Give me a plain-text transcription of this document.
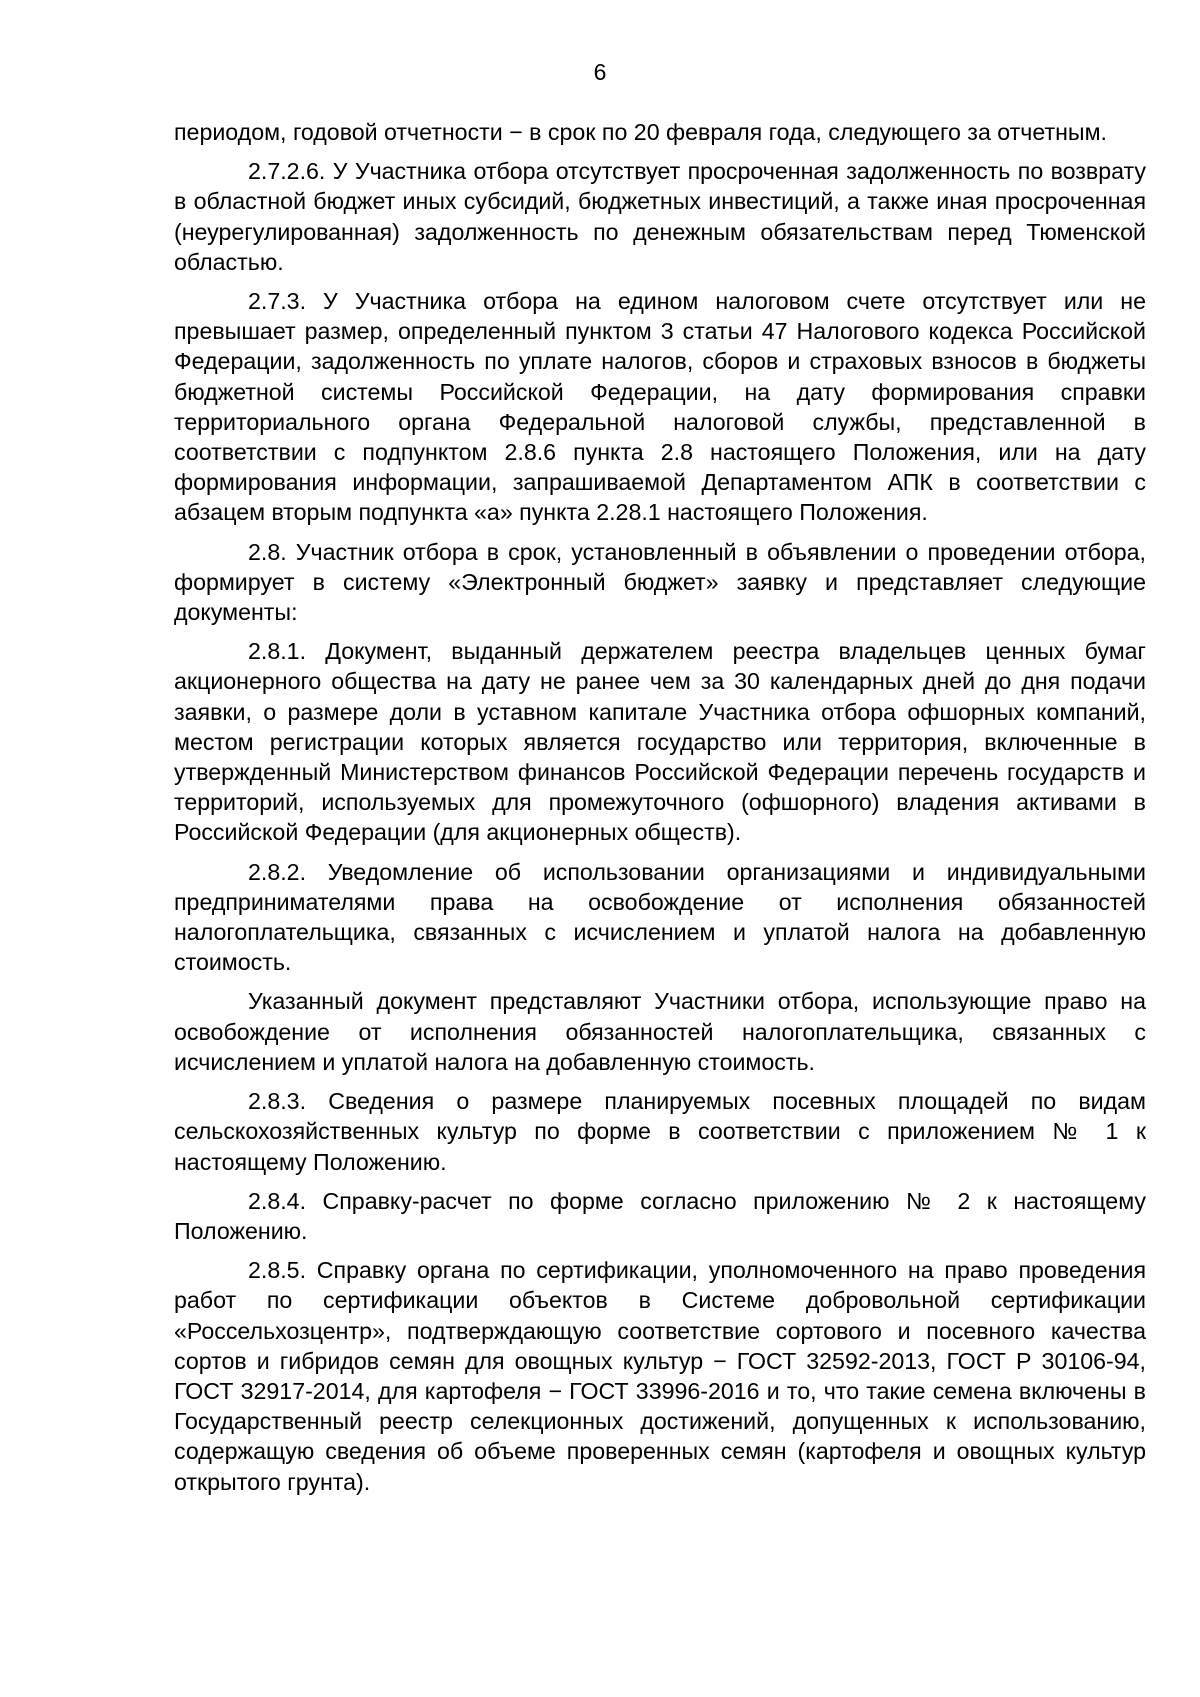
6

периодом, годовой отчетности − в срок по 20 февраля года, следующего за отчетным.

2.7.2.6. У Участника отбора отсутствует просроченная задолженность по возврату в областной бюджет иных субсидий, бюджетных инвестиций, а также иная просроченная (неурегулированная) задолженность по денежным обязательствам перед Тюменской областью.

2.7.3. У Участника отбора на едином налоговом счете отсутствует или не превышает размер, определенный пунктом 3 статьи 47 Налогового кодекса Российской Федерации, задолженность по уплате налогов, сборов и страховых взносов в бюджеты бюджетной системы Российской Федерации, на дату формирования справки территориального органа Федеральной налоговой службы, представленной в соответствии с подпунктом 2.8.6 пункта 2.8 настоящего Положения, или на дату формирования информации, запрашиваемой Департаментом АПК в соответствии с абзацем вторым подпункта «а» пункта 2.28.1 настоящего Положения.

2.8. Участник отбора в срок, установленный в объявлении о проведении отбора, формирует в систему «Электронный бюджет» заявку и представляет следующие документы:

2.8.1. Документ, выданный держателем реестра владельцев ценных бумаг акционерного общества на дату не ранее чем за 30 календарных дней до дня подачи заявки, о размере доли в уставном капитале Участника отбора офшорных компаний, местом регистрации которых является государство или территория, включенные в утвержденный Министерством финансов Российской Федерации перечень государств и территорий, используемых для промежуточного (офшорного) владения активами в Российской Федерации (для акционерных обществ).

2.8.2. Уведомление об использовании организациями и индивидуальными предпринимателями права на освобождение от исполнения обязанностей налогоплательщика, связанных с исчислением и уплатой налога на добавленную стоимость.

Указанный документ представляют Участники отбора, использующие право на освобождение от исполнения обязанностей налогоплательщика, связанных с исчислением и уплатой налога на добавленную стоимость.

2.8.3. Сведения о размере планируемых посевных площадей по видам сельскохозяйственных культур по форме в соответствии с приложением № 1 к настоящему Положению.

2.8.4. Справку-расчет по форме согласно приложению № 2 к настоящему Положению.

2.8.5. Справку органа по сертификации, уполномоченного на право проведения работ по сертификации объектов в Системе добровольной сертификации «Россельхозцентр», подтверждающую соответствие сортового и посевного качества сортов и гибридов семян для овощных культур − ГОСТ 32592-2013, ГОСТ Р 30106-94, ГОСТ 32917-2014, для картофеля − ГОСТ 33996-2016 и то, что такие семена включены в Государственный реестр селекционных достижений, допущенных к использованию, содержащую сведения об объеме проверенных семян (картофеля и овощных культур открытого грунта).
